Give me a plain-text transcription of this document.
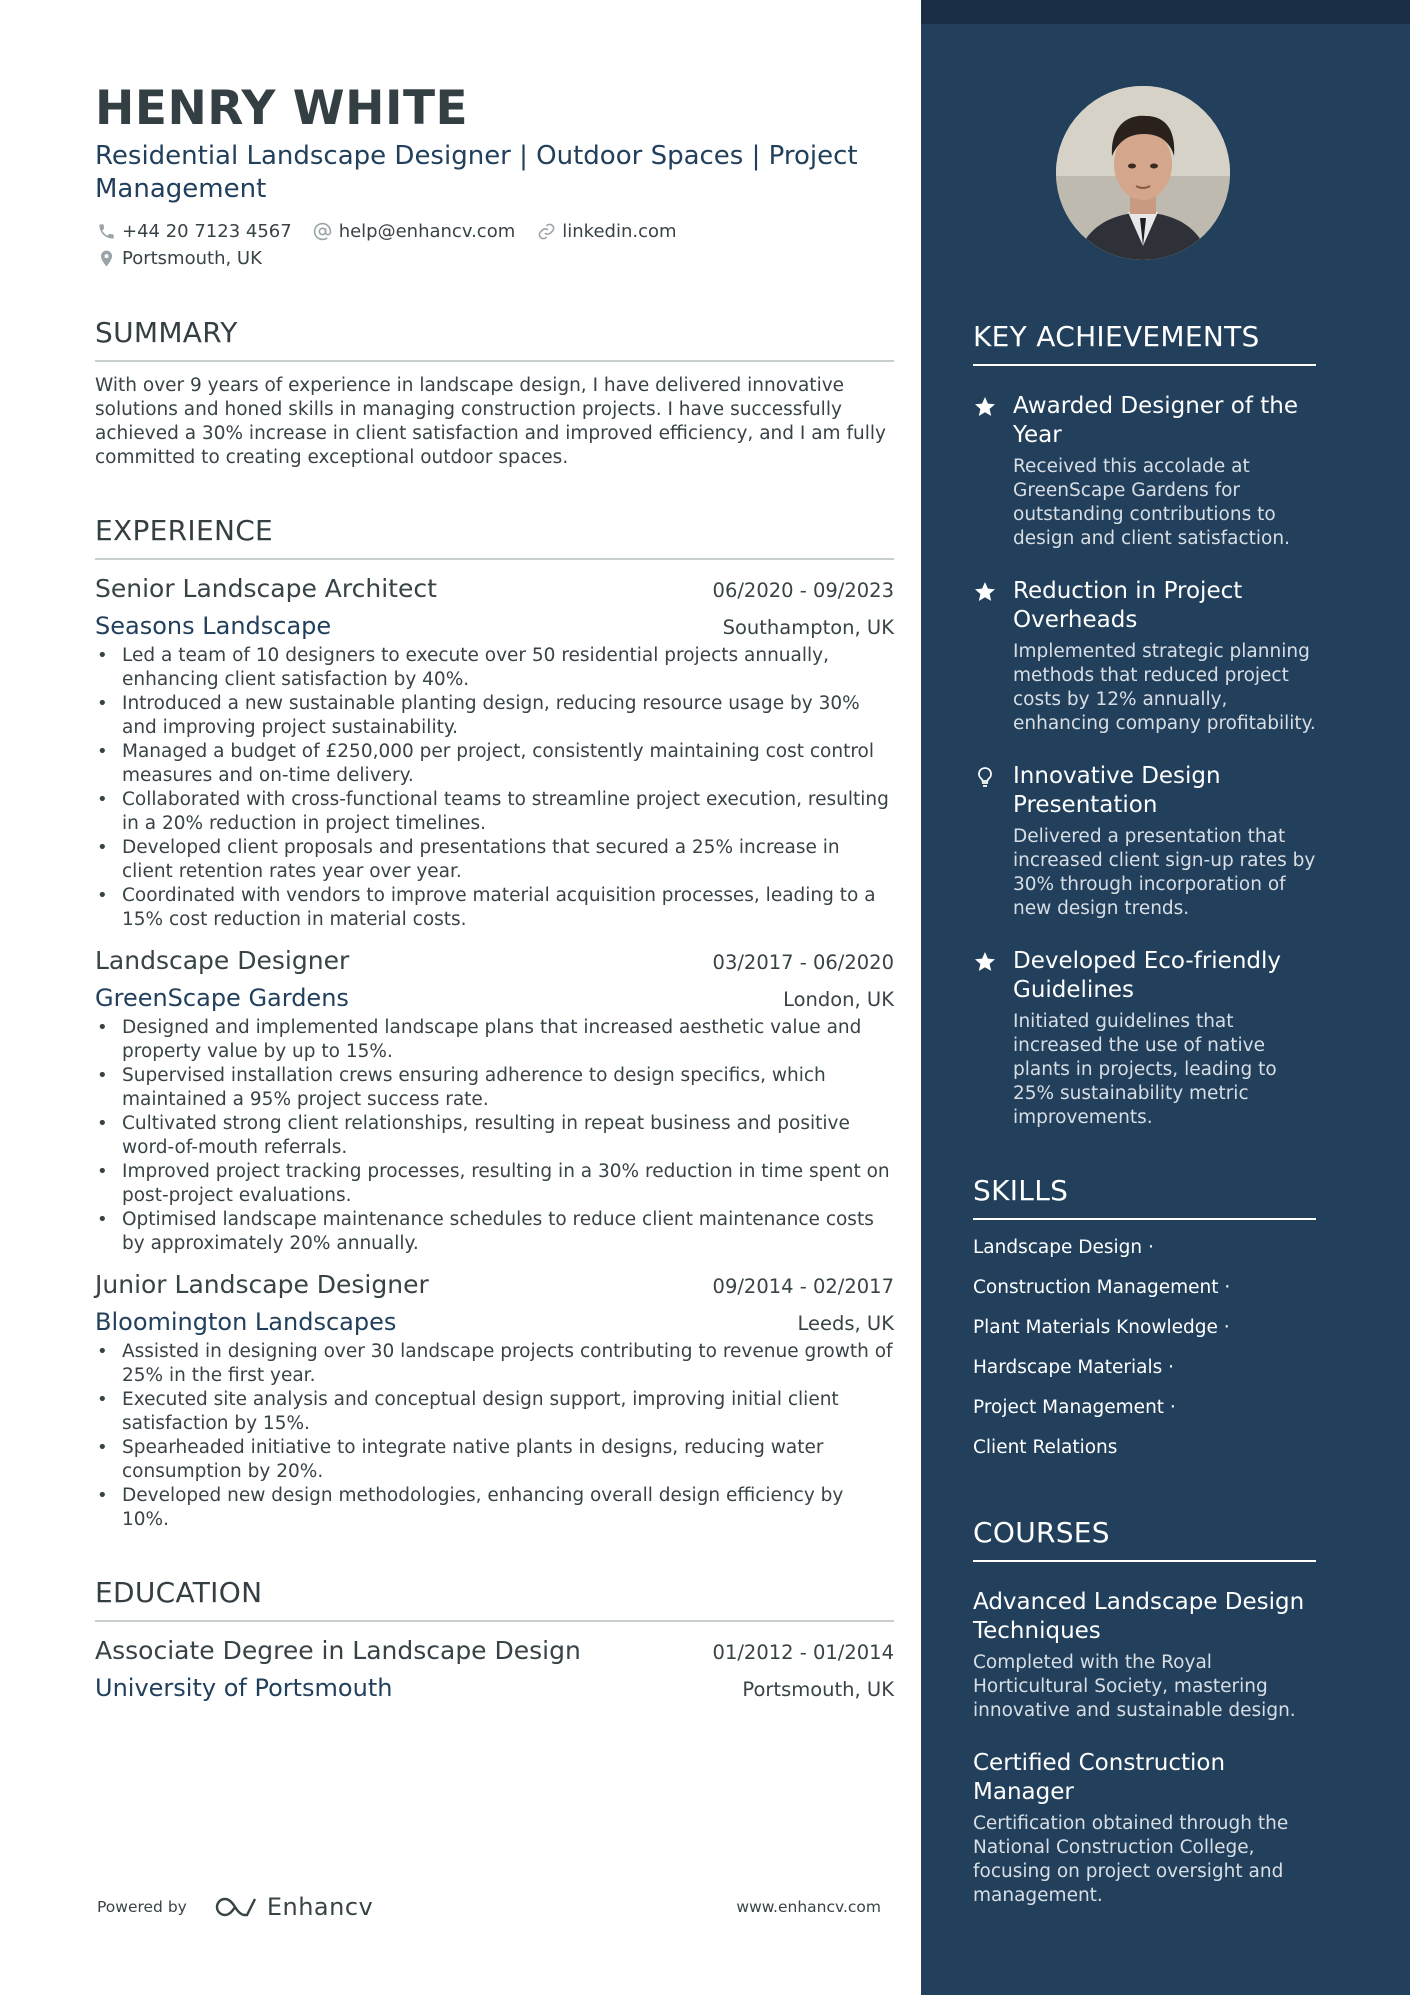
HENRY WHITE
Residential Landscape Designer | Outdoor Spaces | Project Management
+44 20 7123 4567	help@enhancv.com	linkedin.com
Portsmouth, UK
SUMMARY
With over 9 years of experience in landscape design, I have delivered innovative solutions and honed skills in managing construction projects. I have successfully achieved a 30% increase in client satisfaction and improved efficiency, and I am fully committed to creating exceptional outdoor spaces.
EXPERIENCE
Senior Landscape Architect	06/2020 - 09/2023
Seasons Landscape	Southampton, UK
• Led a team of 10 designers to execute over 50 residential projects annually, enhancing client satisfaction by 40%.
• Introduced a new sustainable planting design, reducing resource usage by 30% and improving project sustainability.
• Managed a budget of £250,000 per project, consistently maintaining cost control measures and on-time delivery.
• Collaborated with cross-functional teams to streamline project execution, resulting in a 20% reduction in project timelines.
• Developed client proposals and presentations that secured a 25% increase in client retention rates year over year.
• Coordinated with vendors to improve material acquisition processes, leading to a 15% cost reduction in material costs.
Landscape Designer	03/2017 - 06/2020
GreenScape Gardens	London, UK
• Designed and implemented landscape plans that increased aesthetic value and property value by up to 15%.
• Supervised installation crews ensuring adherence to design specifics, which maintained a 95% project success rate.
• Cultivated strong client relationships, resulting in repeat business and positive word-of-mouth referrals.
• Improved project tracking processes, resulting in a 30% reduction in time spent on post-project evaluations.
• Optimised landscape maintenance schedules to reduce client maintenance costs by approximately 20% annually.
Junior Landscape Designer	09/2014 - 02/2017
Bloomington Landscapes	Leeds, UK
• Assisted in designing over 30 landscape projects contributing to revenue growth of 25% in the first year.
• Executed site analysis and conceptual design support, improving initial client satisfaction by 15%.
• Spearheaded initiative to integrate native plants in designs, reducing water consumption by 20%.
• Developed new design methodologies, enhancing overall design efficiency by 10%.
EDUCATION
Associate Degree in Landscape Design	01/2012 - 01/2014
University of Portsmouth	Portsmouth, UK
Powered by	Enhancv	www.enhancv.com
KEY ACHIEVEMENTS
Awarded Designer of the Year
Received this accolade at GreenScape Gardens for outstanding contributions to design and client satisfaction.
Reduction in Project Overheads
Implemented strategic planning methods that reduced project costs by 12% annually, enhancing company profitability.
Innovative Design Presentation
Delivered a presentation that increased client sign-up rates by 30% through incorporation of new design trends.
Developed Eco-friendly Guidelines
Initiated guidelines that increased the use of native plants in projects, leading to 25% sustainability metric improvements.
SKILLS
Landscape Design ·
Construction Management ·
Plant Materials Knowledge ·
Hardscape Materials ·
Project Management ·
Client Relations
COURSES
Advanced Landscape Design Techniques
Completed with the Royal Horticultural Society, mastering innovative and sustainable design.
Certified Construction Manager
Certification obtained through the National Construction College, focusing on project oversight and management.
